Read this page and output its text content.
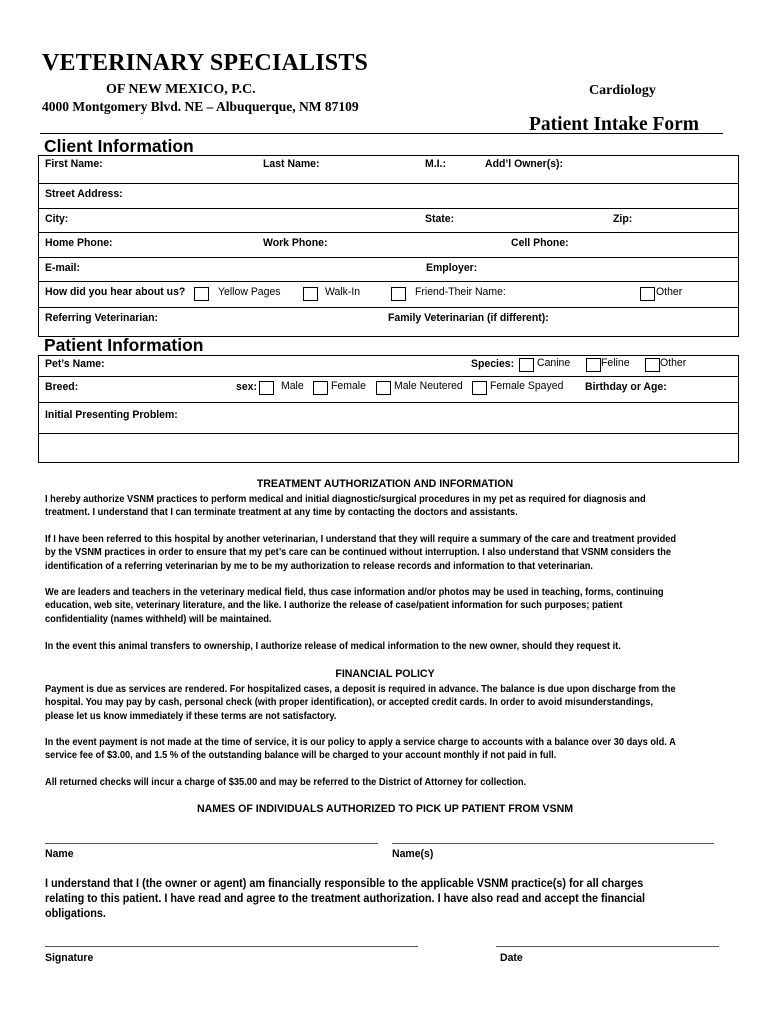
VETERINARY SPECIALISTS
OF NEW MEXICO, P.C.
4000 Montgomery Blvd. NE – Albuquerque, NM 87109
Cardiology
Patient Intake Form
Client Information
First Name:	Last Name:	M.I.:	Add’l Owner(s):
Street Address:
City:	State:	Zip:
Home Phone:	Work Phone:	Cell Phone:
E-mail:	Employer:
How did you hear about us?	Yellow Pages	Walk-In	Friend-Their Name:	Other
Referring Veterinarian:	Family Veterinarian (if different):
Patient Information
Pet’s Name:	Species: Canine	Feline	Other
Breed:	sex: Male Female Male Neutered Female Spayed Birthday or Age:
Initial Presenting Problem:
TREATMENT AUTHORIZATION AND INFORMATION
I hereby authorize VSNM practices to perform medical and initial diagnostic/surgical procedures in my pet as required for diagnosis and treatment. I understand that I can terminate treatment at any time by contacting the doctors and assistants.
If I have been referred to this hospital by another veterinarian, I understand that they will require a summary of the care and treatment provided by the VSNM practices in order to ensure that my pet’s care can be continued without interruption. I also understand that VSNM considers the identification of a referring veterinarian by me to be my authorization to release records and information to that veterinarian.
We are leaders and teachers in the veterinary medical field, thus case information and/or photos may be used in teaching, forms, continuing education, web site, veterinary literature, and the like. I authorize the release of case/patient information for such purposes; patient confidentiality (names withheld) will be maintained.
In the event this animal transfers to ownership, I authorize release of medical information to the new owner, should they request it.
FINANCIAL POLICY
Payment is due as services are rendered. For hospitalized cases, a deposit is required in advance. The balance is due upon discharge from the hospital. You may pay by cash, personal check (with proper identification), or accepted credit cards. In order to avoid misunderstandings, please let us know immediately if these terms are not satisfactory.
In the event payment is not made at the time of service, it is our policy to apply a service charge to accounts with a balance over 30 days old. A service fee of $3.00, and 1.5 % of the outstanding balance will be charged to your account monthly if not paid in full.
All returned checks will incur a charge of $35.00 and may be referred to the District of Attorney for collection.
NAMES OF INDIVIDUALS AUTHORIZED TO PICK UP PATIENT FROM VSNM
Name	Name(s)
I understand that I (the owner or agent) am financially responsible to the applicable VSNM practice(s) for all charges relating to this patient. I have read and agree to the treatment authorization. I have also read and accept the financial obligations.
Signature	Date
